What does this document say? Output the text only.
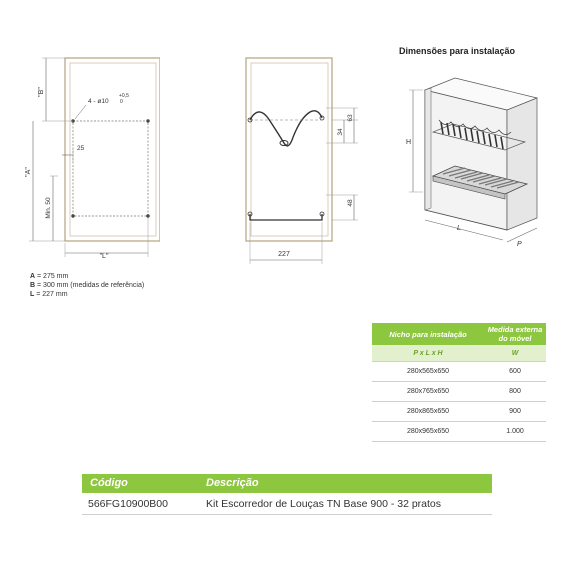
"B"
"A"
Min. 50
25
4 - ø10
+0,5
0
"L"
A = 275 mm
B = 300 mm (medidas de referência)
L = 227 mm
34
63
48
227
Dimensões para instalação
H
L
P
Nicho para instalação	Medida externa do móvel
P x L x H	W
280x565x650	600
280x765x650	800
280x865x650	900
280x965x650	1.000
Código	Descrição
566FG10900B00	Kit Escorredor de Louças TN Base 900 - 32 pratos
